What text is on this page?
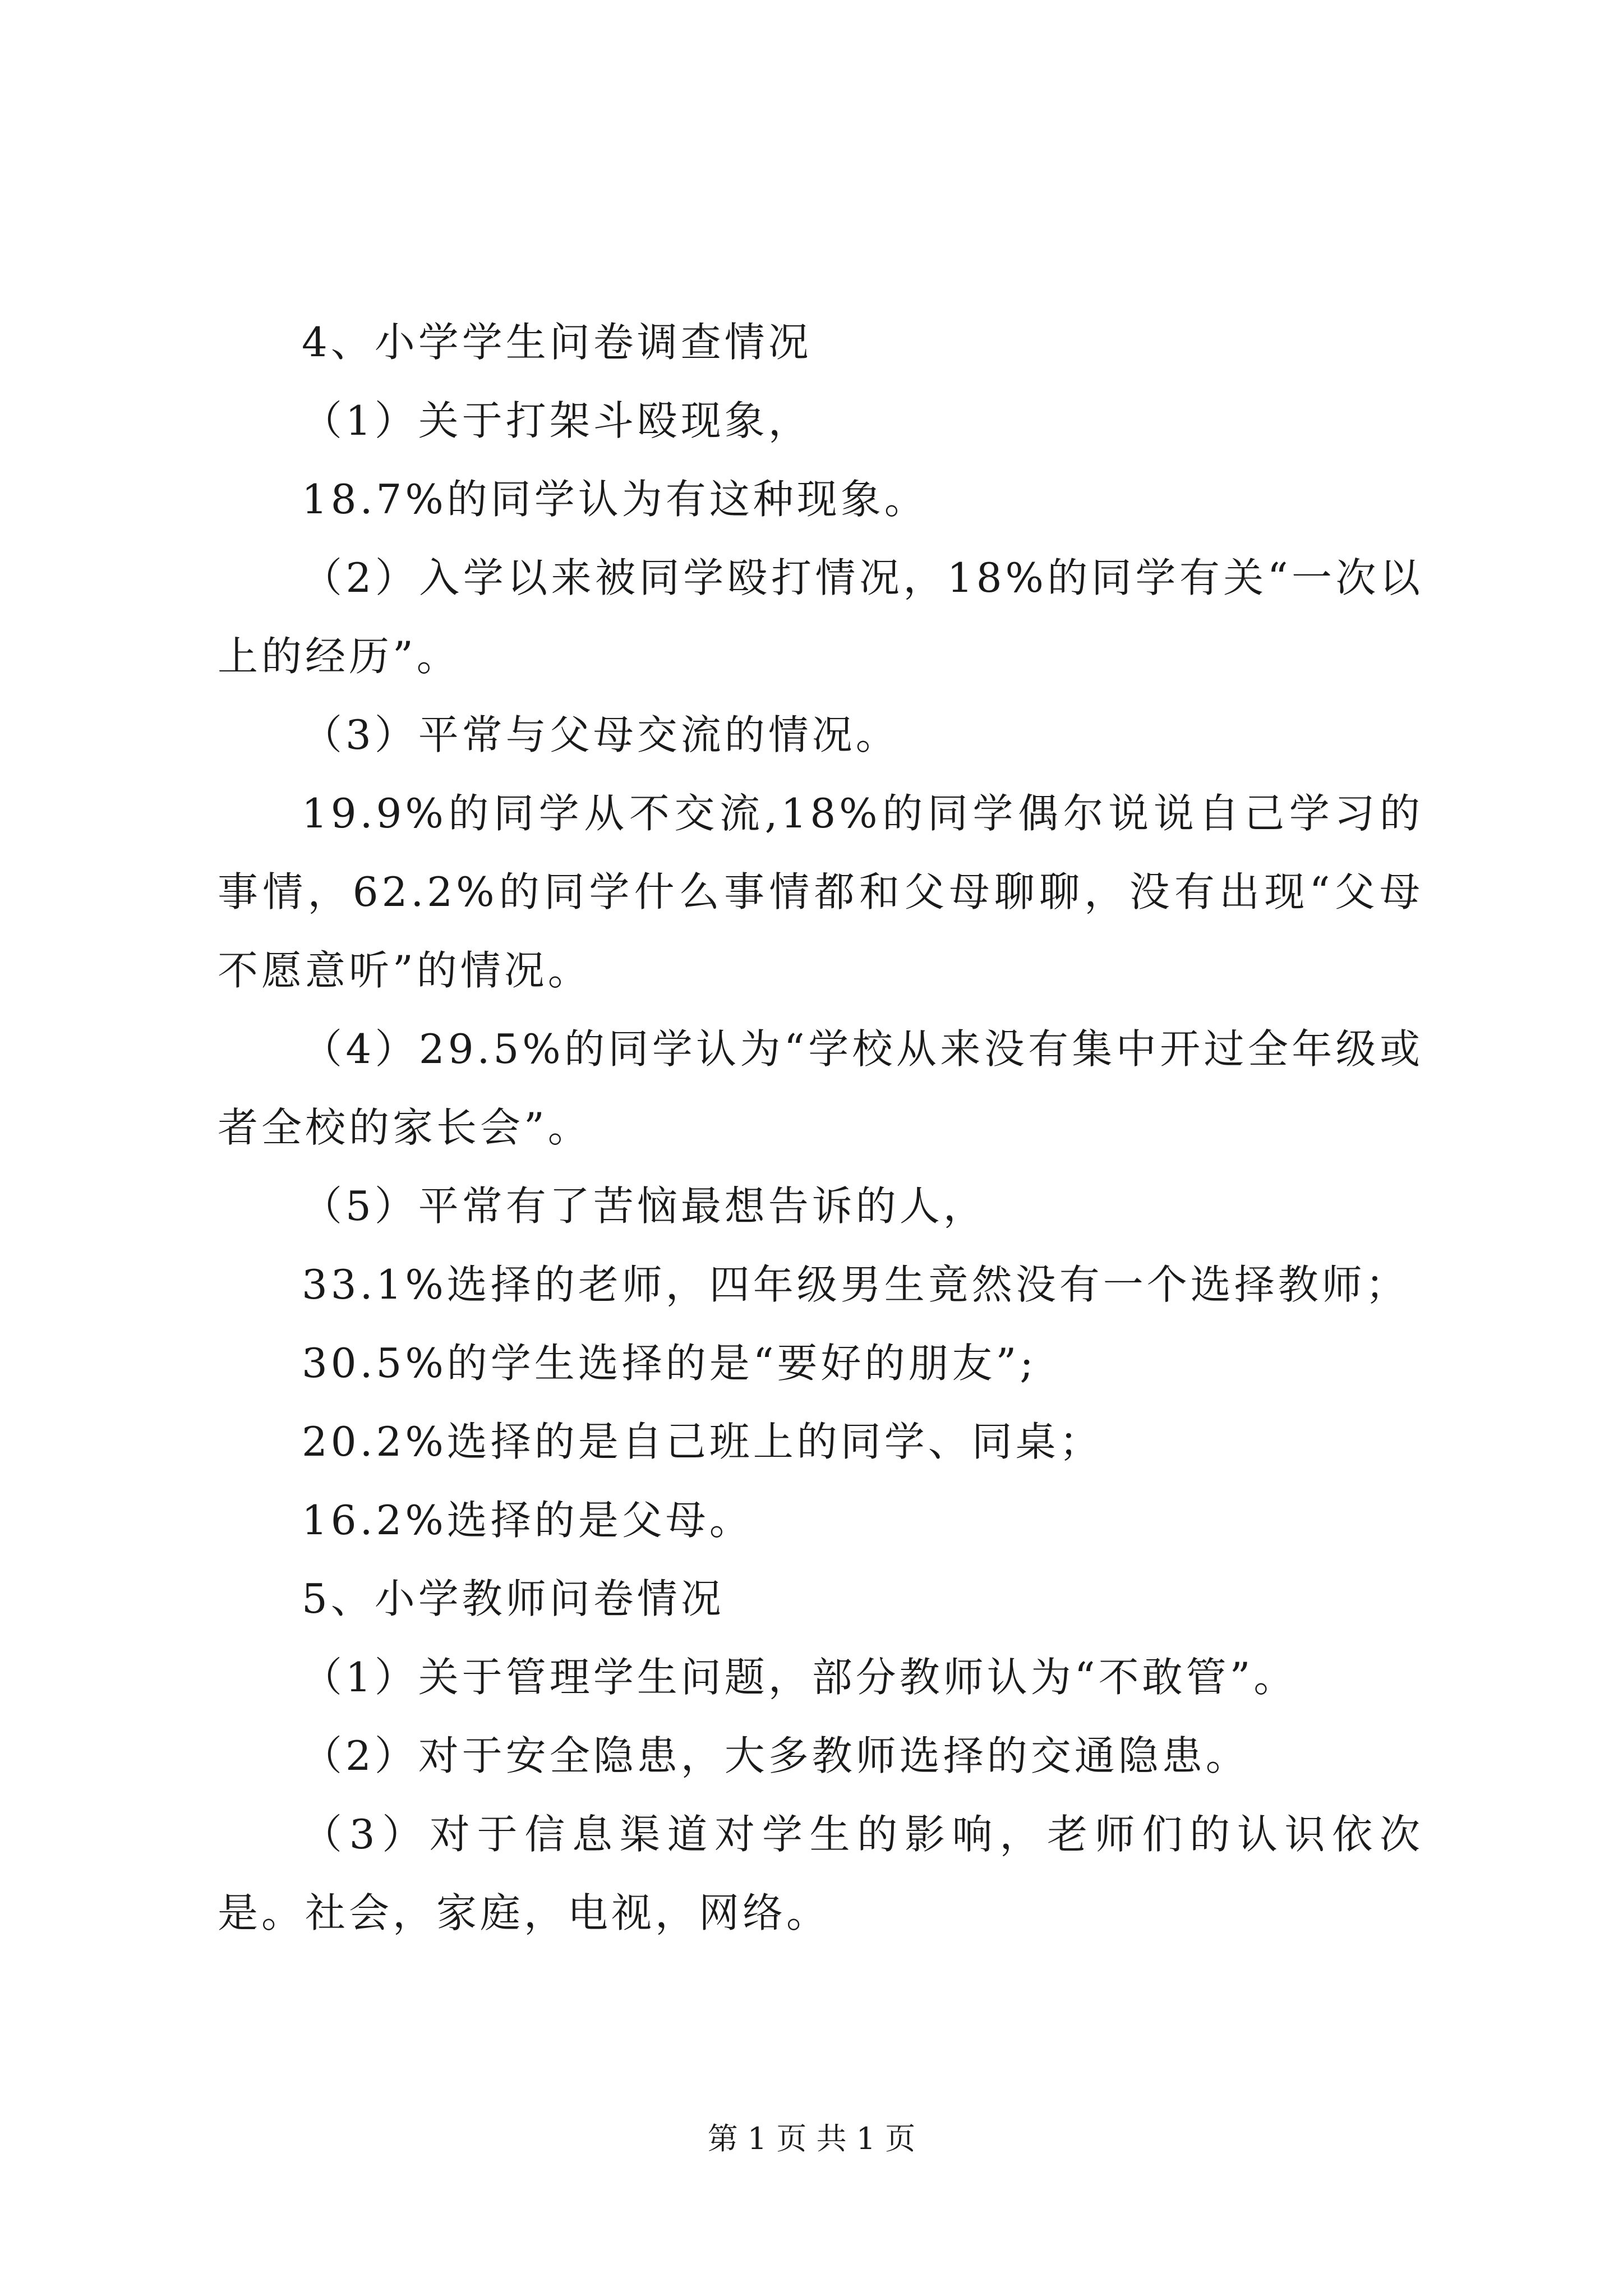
4、小学学生问卷调查情况

（1）关于打架斗殴现象，

18.7%的同学认为有这种现象。

（2）入学以来被同学殴打情况，18%的同学有关“一次以上的经历”。

（3）平常与父母交流的情况。

19.9%的同学从不交流,18%的同学偶尔说说自己学习的事情，62.2%的同学什么事情都和父母聊聊，没有出现“父母不愿意听”的情况。

（4）29.5%的同学认为“学校从来没有集中开过全年级或者全校的家长会”。

（5）平常有了苦恼最想告诉的人，

33.1%选择的老师，四年级男生竟然没有一个选择教师；

30.5%的学生选择的是“要好的朋友”;

20.2%选择的是自己班上的同学、同桌；

16.2%选择的是父母。

5、小学教师问卷情况

（1）关于管理学生问题，部分教师认为“不敢管”。

（2）对于安全隐患，大多教师选择的交通隐患。

（3）对于信息渠道对学生的影响，老师们的认识依次是。社会，家庭，电视，网络。

第 1 页 共 1 页
